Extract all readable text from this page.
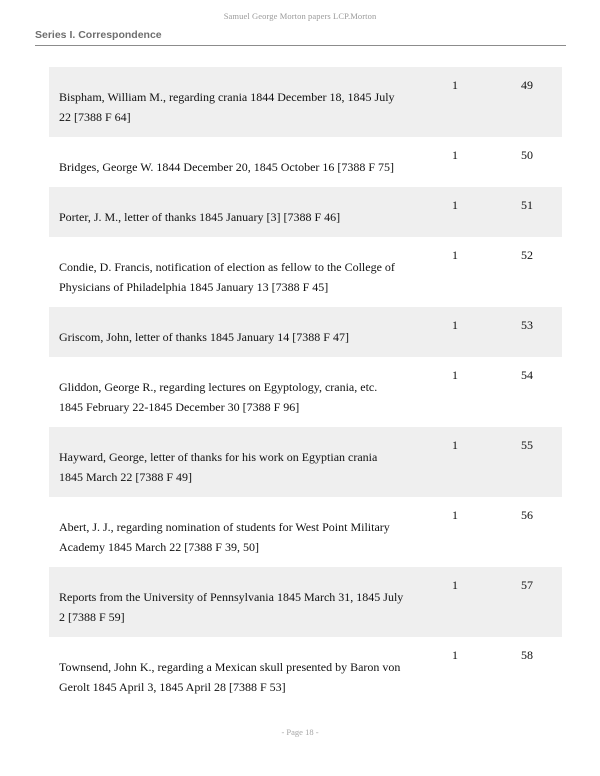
Samuel George Morton papers LCP.Morton
Series I. Correspondence
Bispham, William M., regarding crania 1844 December 18, 1845 July 22 [7388 F 64]
1	49
Bridges, George W. 1844 December 20, 1845 October 16 [7388 F 75]
1	50
Porter, J. M., letter of thanks 1845 January [3] [7388 F 46]
1	51
Condie, D. Francis, notification of election as fellow to the College of Physicians of Philadelphia 1845 January 13 [7388 F 45]
1	52
Griscom, John, letter of thanks 1845 January 14 [7388 F 47]
1	53
Gliddon, George R., regarding lectures on Egyptology, crania, etc. 1845 February 22-1845 December 30 [7388 F 96]
1	54
Hayward, George, letter of thanks for his work on Egyptian crania 1845 March 22 [7388 F 49]
1	55
Abert, J. J., regarding nomination of students for West Point Military Academy 1845 March 22 [7388 F 39, 50]
1	56
Reports from the University of Pennsylvania 1845 March 31, 1845 July 2 [7388 F 59]
1	57
Townsend, John K., regarding a Mexican skull presented by Baron von Gerolt 1845 April 3, 1845 April 28 [7388 F 53]
1	58
- Page 18 -
